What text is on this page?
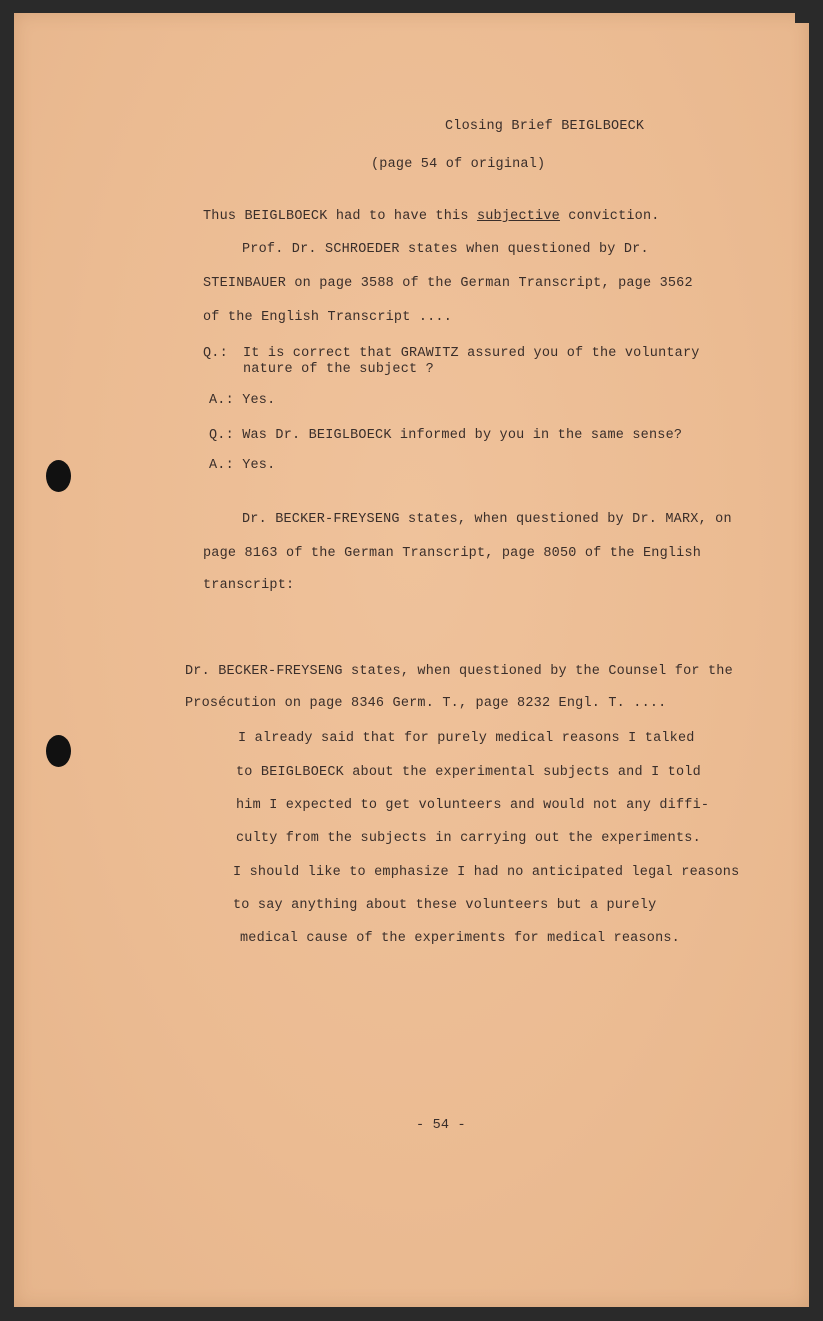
Closing Brief BEIGLBOECK
(page 54 of original)
Thus BEIGLBOECK had to have this subjective conviction.
Prof. Dr. SCHROEDER states when questioned by Dr.
STEINBAUER on page 3588 of the German Transcript, page 3562
of the English Transcript ....
Q.: It is correct that GRAWITZ assured you of the voluntary
nature of the subject ?
A.: Yes.
Q.: Was Dr. BEIGLBOECK informed by you in the same sense?
A.: Yes.
Dr. BECKER-FREYSENG states, when questioned by Dr. MARX, on
page 8163 of the German Transcript, page 8050 of the English
transcript:
Dr. BECKER-FREYSENG states, when questioned by the Counsel for the
Prosécution on page 8346 Germ. T., page 8232 Engl. T. ....
I already said that for purely medical reasons I talked
to BEIGLBOECK about the experimental subjects and I told
him I expected to get volunteers and would not any diffi-
culty from the subjects in carrying out the experiments.
I should like to emphasize I had no anticipated legal reasons
to say anything about these volunteers but a purely
medical cause of the experiments for medical reasons.
- 54 -
